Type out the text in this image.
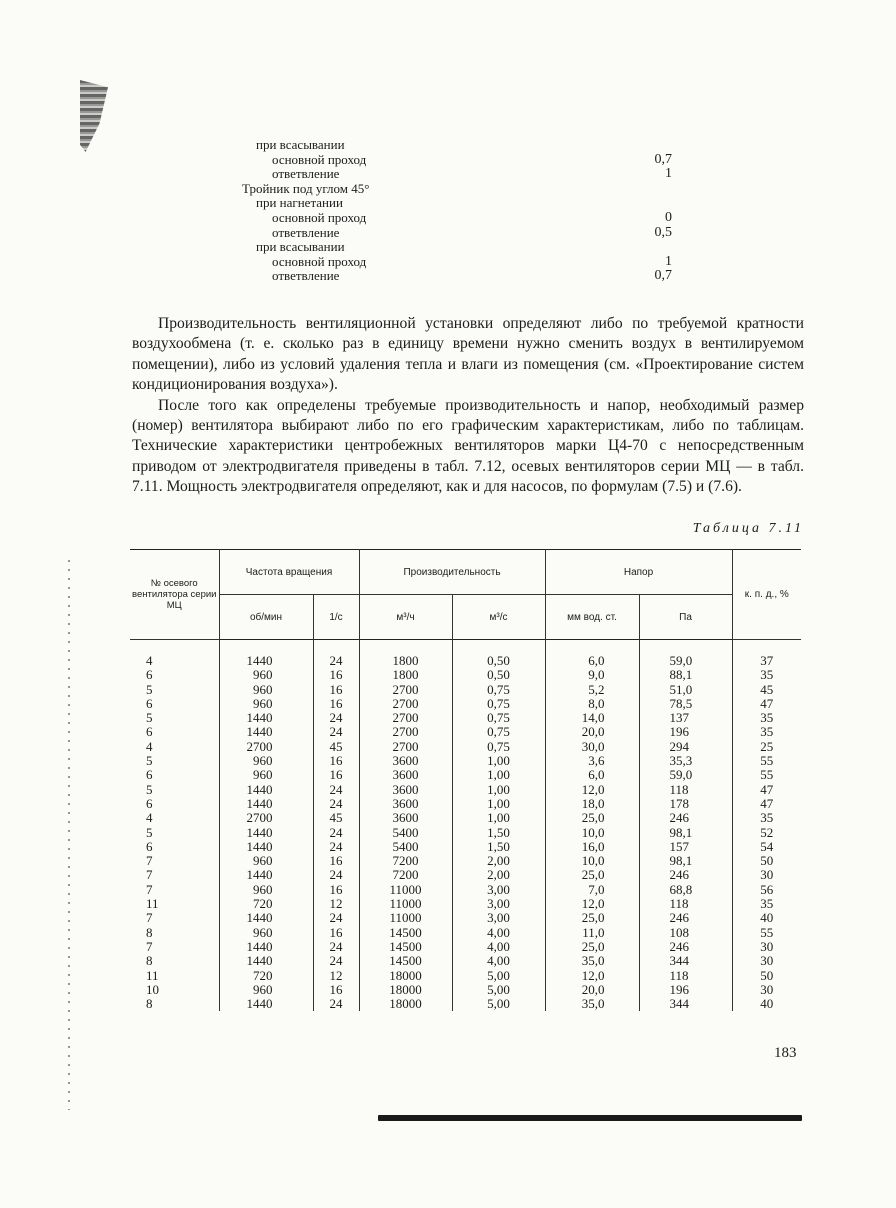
при всасывании
основной проход	0,7
ответвление	1
Тройник под углом 45°
при нагнетании
основной проход	0
ответвление	0,5
при всасывании
основной проход	1
ответвление	0,7

Производительность вентиляционной установки определяют либо по требуемой кратности воздухообмена (т. е. сколько раз в единицу времени нужно сменить воздух в вентилируемом помещении), либо из условий удаления тепла и влаги из помещения (см. «Проектирование систем кондиционирования воздуха»).

После того как определены требуемые производительность и напор, необходимый размер (номер) вентилятора выбирают либо по его графическим характеристикам, либо по таблицам. Технические характеристики центробежных вентиляторов марки Ц4-70 с непосредственным приводом от электродвигателя приведены в табл. 7.12, осевых вентиляторов серии МЦ — в табл. 7.11. Мощность электродвигателя определяют, как и для насосов, по формулам (7.5) и (7.6).

Таблица 7.11
№ осевого вентилятора серии МЦ	Частота вращения		Производительность		Напор		к. п. д., %
	об/мин	1/с	м³/ч	м³/с	мм вод. ст.	Па	
4	1440	24	1800	0,50	6,0	59,0	37
6	960	16	1800	0,50	9,0	88,1	35
5	960	16	2700	0,75	5,2	51,0	45
6	960	16	2700	0,75	8,0	78,5	47
5	1440	24	2700	0,75	14,0	137	35
6	1440	24	2700	0,75	20,0	196	35
4	2700	45	2700	0,75	30,0	294	25
5	960	16	3600	1,00	3,6	35,3	55
6	960	16	3600	1,00	6,0	59,0	55
5	1440	24	3600	1,00	12,0	118	47
6	1440	24	3600	1,00	18,0	178	47
4	2700	45	3600	1,00	25,0	246	35
5	1440	24	5400	1,50	10,0	98,1	52
6	1440	24	5400	1,50	16,0	157	54
7	960	16	7200	2,00	10,0	98,1	50
7	1440	24	7200	2,00	25,0	246	30
7	960	16	11000	3,00	7,0	68,8	56
11	720	12	11000	3,00	12,0	118	35
7	1440	24	11000	3,00	25,0	246	40
8	960	16	14500	4,00	11,0	108	55
7	1440	24	14500	4,00	25,0	246	30
8	1440	24	14500	4,00	35,0	344	30
11	720	12	18000	5,00	12,0	118	50
10	960	16	18000	5,00	20,0	196	30
8	1440	24	18000	5,00	35,0	344	40
183
